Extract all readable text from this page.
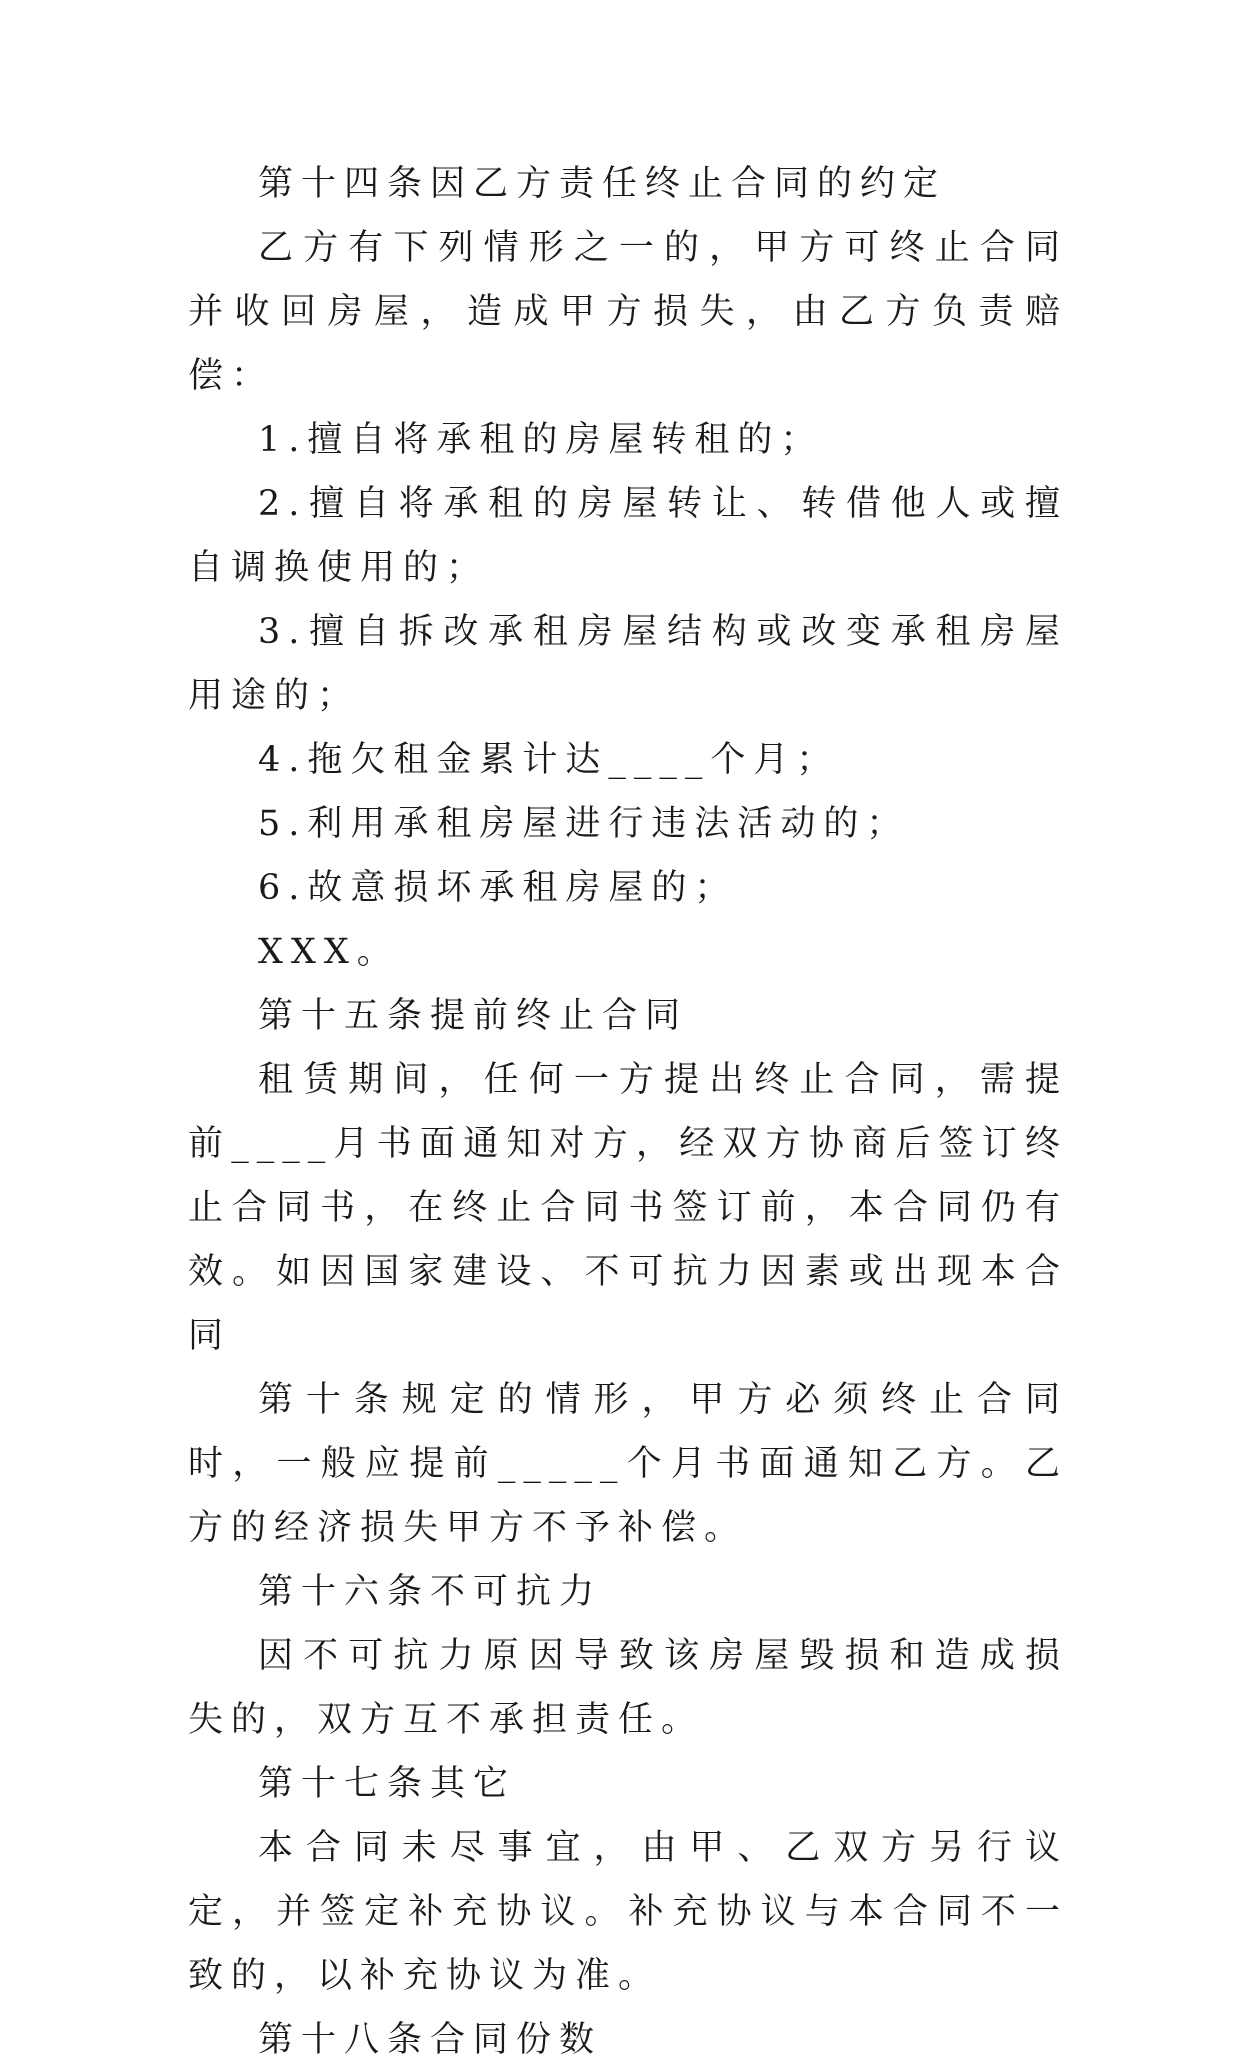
第十四条因乙方责任终止合同的约定

乙方有下列情形之一的，甲方可终止合同并收回房屋，造成甲方损失，由乙方负责赔偿：

1.擅自将承租的房屋转租的；

2.擅自将承租的房屋转让、转借他人或擅自调换使用的；

3.擅自拆改承租房屋结构或改变承租房屋用途的；

4.拖欠租金累计达____个月；

5.利用承租房屋进行违法活动的；

6.故意损坏承租房屋的；

XXX。

第十五条提前终止合同

租赁期间，任何一方提出终止合同，需提前____月书面通知对方，经双方协商后签订终止合同书，在终止合同书签订前，本合同仍有效。如因国家建设、不可抗力因素或出现本合同

第十条规定的情形，甲方必须终止合同时，一般应提前_____个月书面通知乙方。乙方的经济损失甲方不予补偿。

第十六条不可抗力

因不可抗力原因导致该房屋毁损和造成损失的，双方互不承担责任。

第十七条其它

本合同未尽事宜，由甲、乙双方另行议定，并签定补充协议。补充协议与本合同不一致的，以补充协议为准。

第十八条合同份数
